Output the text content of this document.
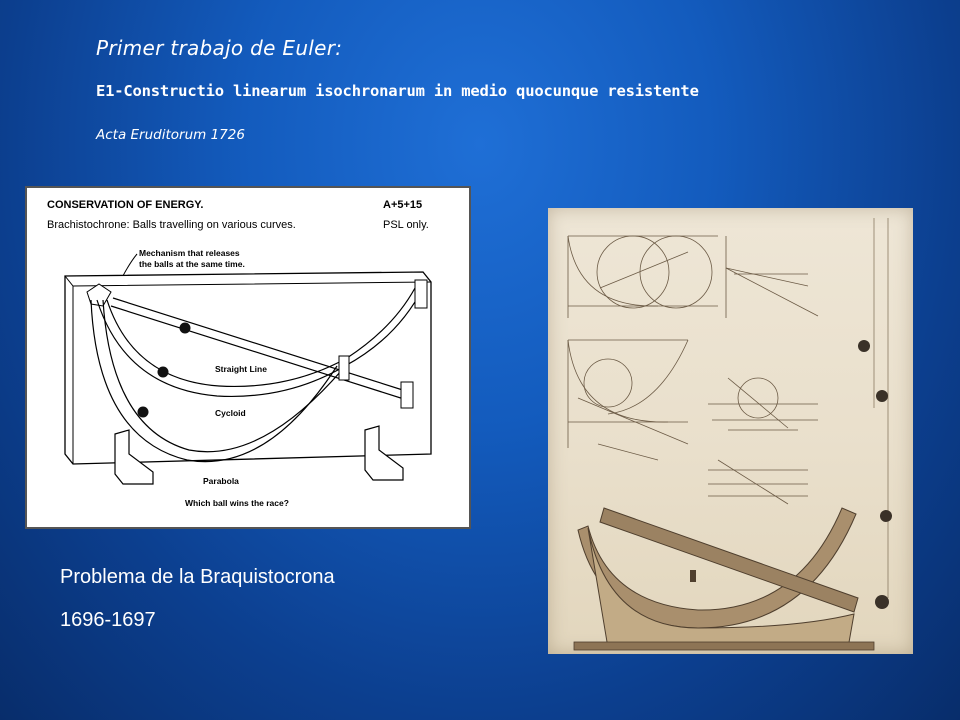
Primer trabajo de Euler:

E1-Constructio linearum isochronarum in medio quocunque resistente

Acta Eruditorum 1726

CONSERVATION OF ENERGY.	A+5+15
Brachistochrone: Balls travelling on various curves.	PSL only.
Mechanism that releases
the balls at the same time.
Straight Line
Cycloid
Parabola
Which ball wins the race?

Problema de la Braquistocrona

1696-1697
